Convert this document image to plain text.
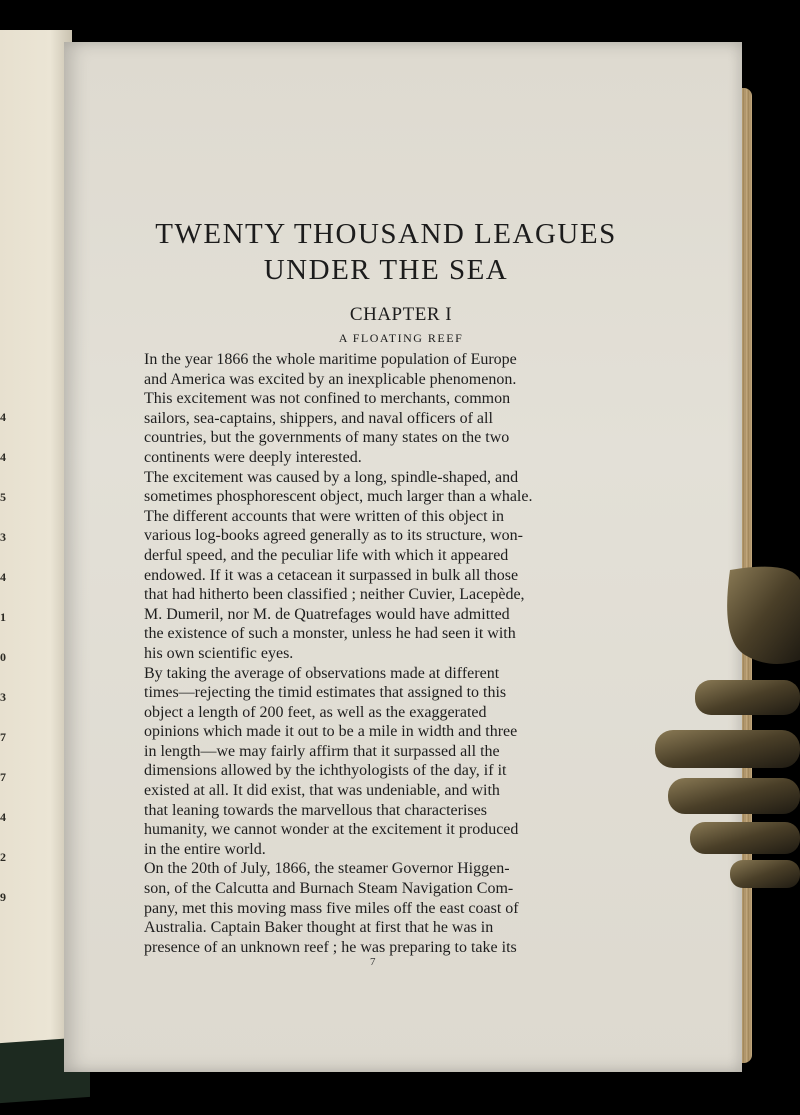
4
4
5
3
4
1
0
3
7
7
4
2
9
TWENTY THOUSAND LEAGUES
UNDER THE SEA
CHAPTER I
A FLOATING REEF
In the year 1866 the whole maritime population of Europe
and America was excited by an inexplicable phenomenon.
This excitement was not confined to merchants, common
sailors, sea-captains, shippers, and naval officers of all
countries, but the governments of many states on the two
continents were deeply interested.
The excitement was caused by a long, spindle-shaped, and
sometimes phosphorescent object, much larger than a whale.
The different accounts that were written of this object in
various log-books agreed generally as to its structure, won-
derful speed, and the peculiar life with which it appeared
endowed. If it was a cetacean it surpassed in bulk all those
that had hitherto been classified ; neither Cuvier, Lacepède,
M. Dumeril, nor M. de Quatrefages would have admitted
the existence of such a monster, unless he had seen it with
his own scientific eyes.
By taking the average of observations made at different
times—rejecting the timid estimates that assigned to this
object a length of 200 feet, as well as the exaggerated
opinions which made it out to be a mile in width and three
in length—we may fairly affirm that it surpassed all the
dimensions allowed by the ichthyologists of the day, if it
existed at all. It did exist, that was undeniable, and with
that leaning towards the marvellous that characterises
humanity, we cannot wonder at the excitement it produced
in the entire world.
On the 20th of July, 1866, the steamer Governor Higgen-
son, of the Calcutta and Burnach Steam Navigation Com-
pany, met this moving mass five miles off the east coast of
Australia. Captain Baker thought at first that he was in
presence of an unknown reef ; he was preparing to take its
7
